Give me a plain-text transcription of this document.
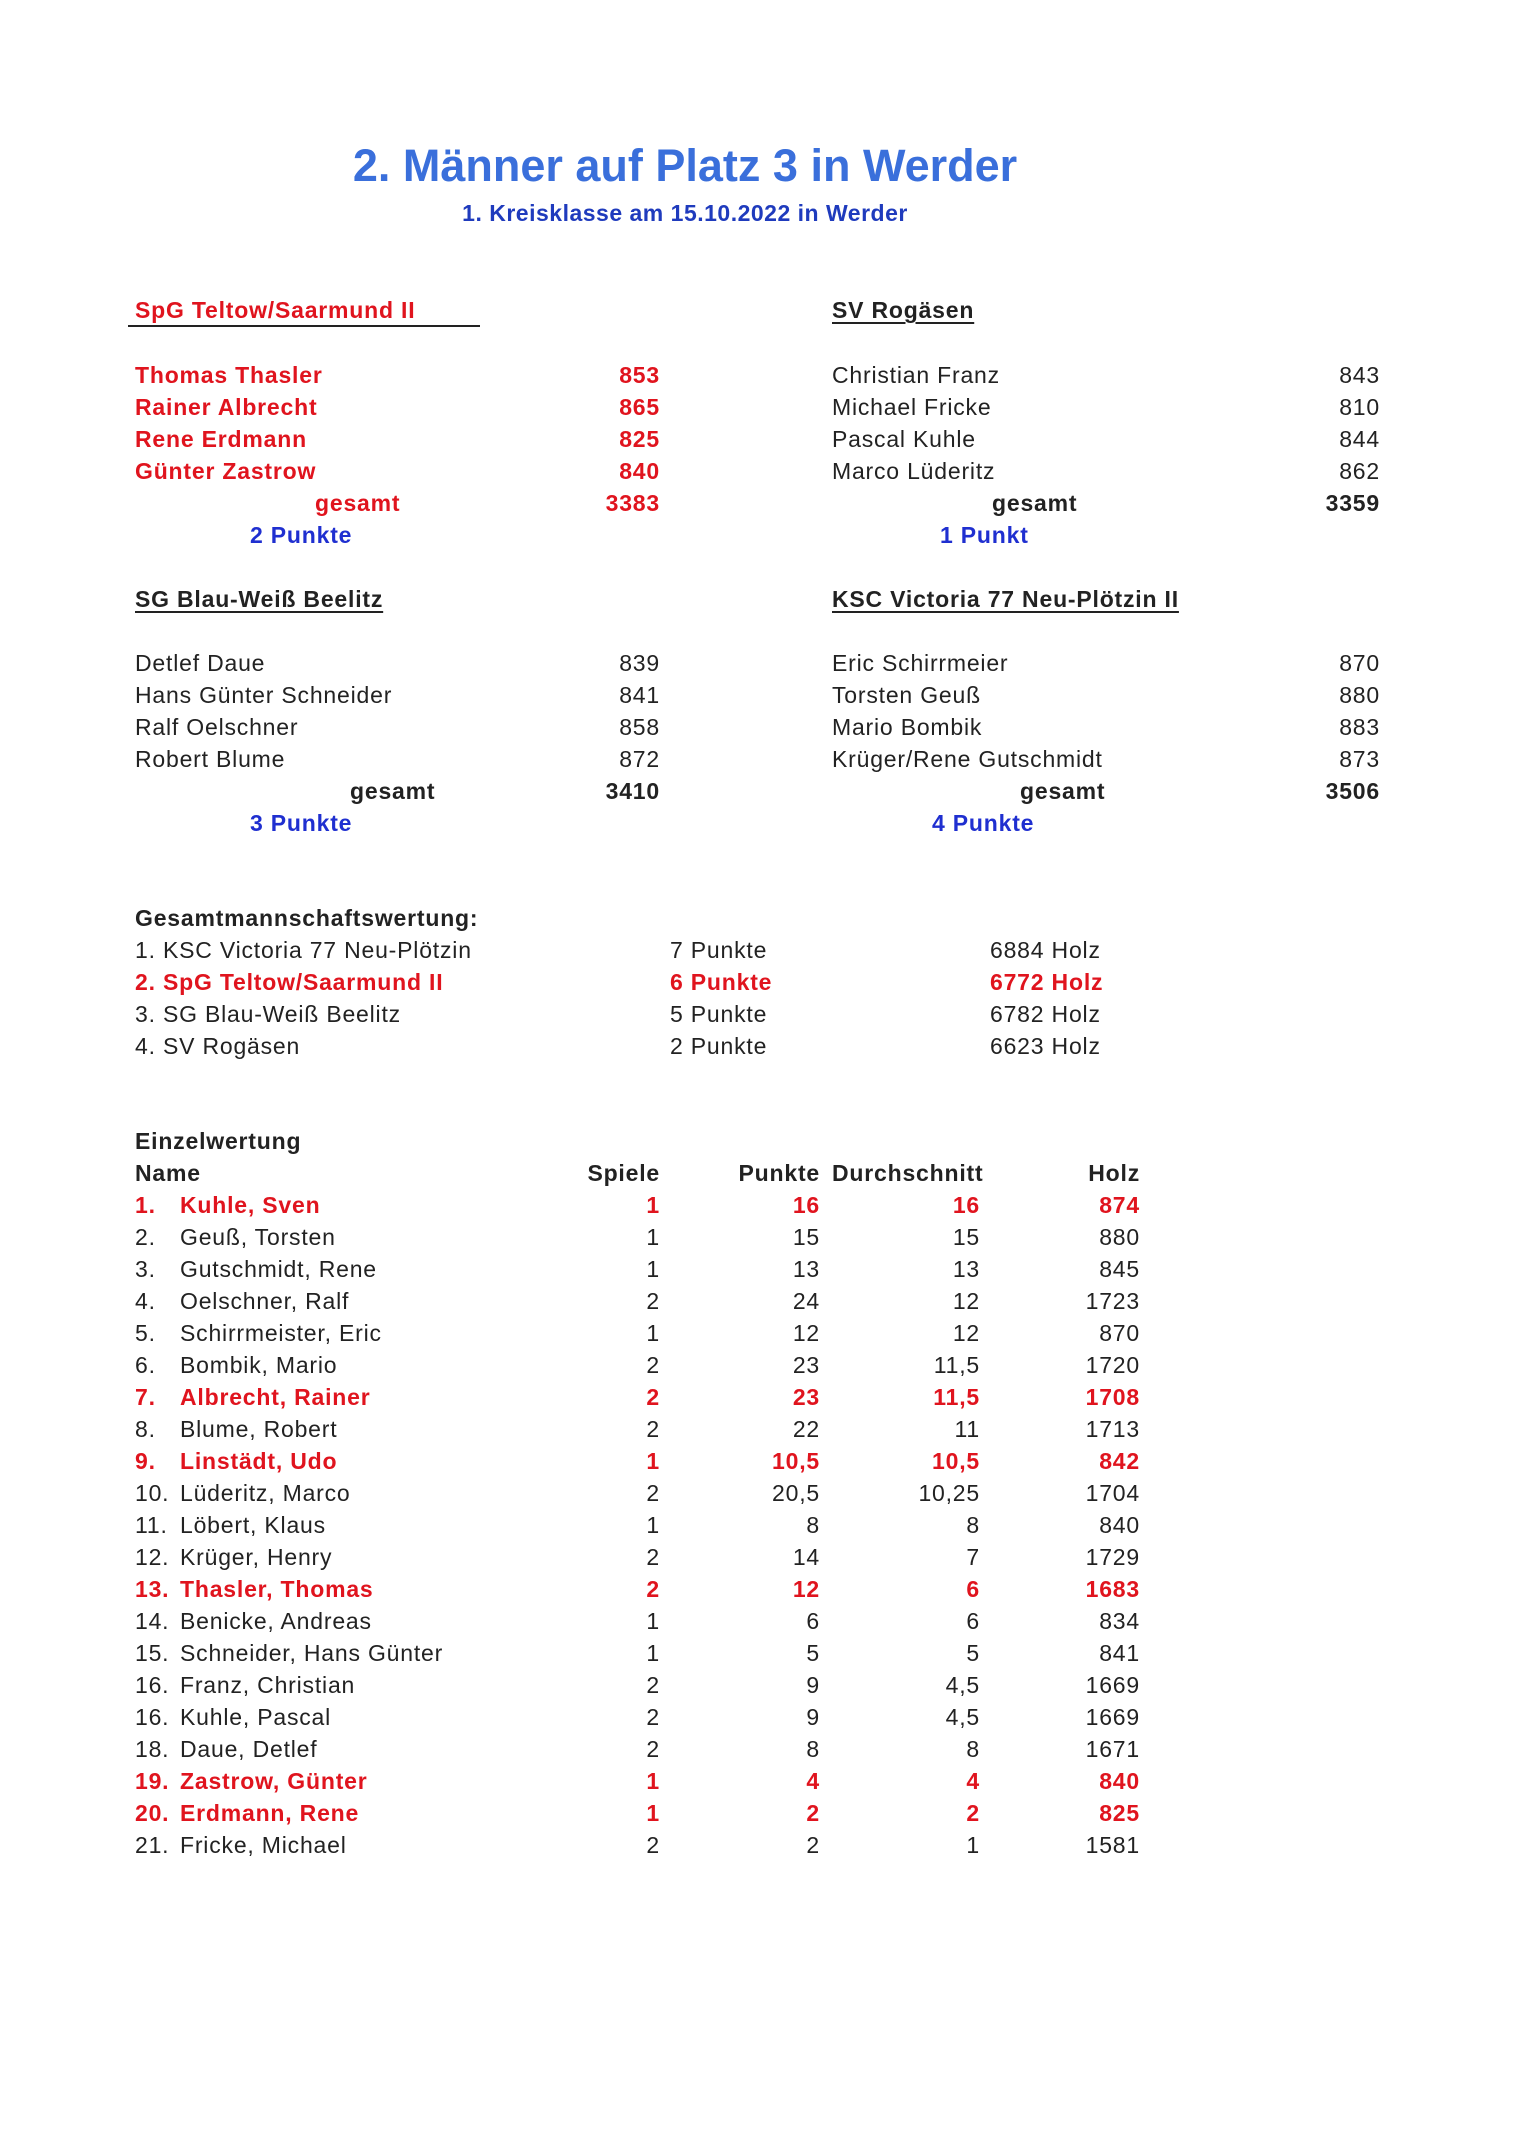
2. Männer auf Platz 3 in Werder
1. Kreisklasse am 15.10.2022 in Werder
SpG Teltow/Saarmund II
Thomas Thasler	853
Rainer Albrecht	865
Rene Erdmann	825
Günter Zastrow	840
gesamt	3383
2 Punkte
SV Rogäsen
Christian Franz	843
Michael Fricke	810
Pascal Kuhle	844
Marco Lüderitz	862
gesamt	3359
1 Punkt
SG Blau-Weiß Beelitz
Detlef Daue	839
Hans Günter Schneider	841
Ralf Oelschner	858
Robert Blume	872
gesamt	3410
3 Punkte
KSC Victoria 77 Neu-Plötzin II
Eric Schirrmeier	870
Torsten Geuß	880
Mario Bombik	883
Krüger/Rene Gutschmidt	873
gesamt	3506
4 Punkte
Gesamtmannschaftswertung:
1. KSC Victoria 77 Neu-Plötzin	7 Punkte	6884 Holz
2. SpG Teltow/Saarmund II	6 Punkte	6772 Holz
3. SG Blau-Weiß Beelitz	5 Punkte	6782 Holz
4. SV Rogäsen	2 Punkte	6623 Holz
Einzelwertung
Name	Spiele	Punkte Durchschnitt	Holz
1. Kuhle, Sven	1	16	16	874
2. Geuß, Torsten	1	15	15	880
3. Gutschmidt, Rene	1	13	13	845
4. Oelschner, Ralf	2	24	12	1723
5. Schirrmeister, Eric	1	12	12	870
6. Bombik, Mario	2	23	11,5	1720
7. Albrecht, Rainer	2	23	11,5	1708
8. Blume, Robert	2	22	11	1713
9. Linstädt, Udo	1	10,5	10,5	842
10. Lüderitz, Marco	2	20,5	10,25	1704
11. Löbert, Klaus	1	8	8	840
12. Krüger, Henry	2	14	7	1729
13. Thasler, Thomas	2	12	6	1683
14. Benicke, Andreas	1	6	6	834
15. Schneider, Hans Günter	1	5	5	841
16. Franz, Christian	2	9	4,5	1669
16. Kuhle, Pascal	2	9	4,5	1669
18. Daue, Detlef	2	8	8	1671
19. Zastrow, Günter	1	4	4	840
20. Erdmann, Rene	1	2	2	825
21. Fricke, Michael	2	2	1	1581
